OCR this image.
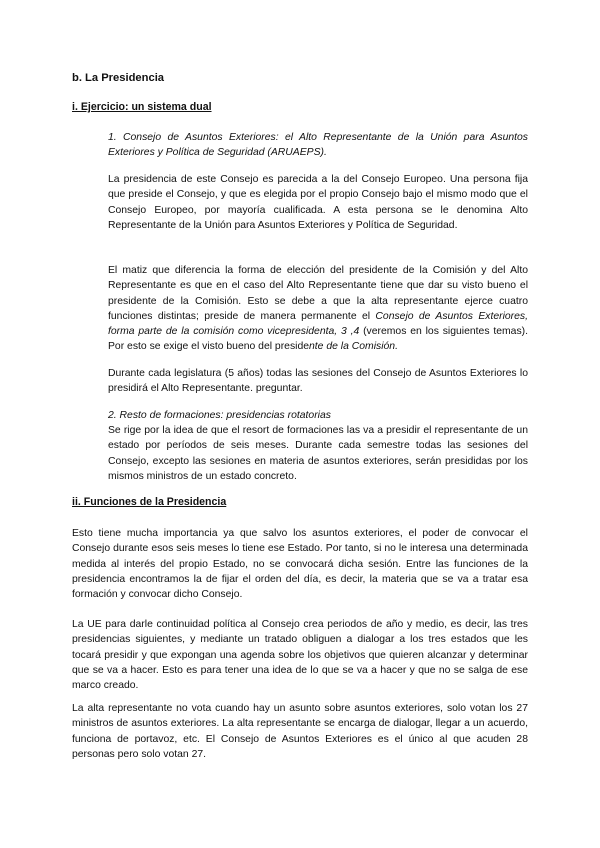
b. La Presidencia
i. Ejercicio: un sistema dual

1. Consejo de Asuntos Exteriores: el Alto Representante de la Unión para Asuntos Exteriores y Política de Seguridad (ARUAEPS).

La presidencia de este Consejo es parecida a la del Consejo Europeo. Una persona fija que preside el Consejo, y que es elegida por el propio Consejo bajo el mismo modo que el Consejo Europeo, por mayoría cualificada. A esta persona se le denomina Alto Representante de la Unión para Asuntos Exteriores y Política de Seguridad.

El matiz que diferencia la forma de elección del presidente de la Comisión y del Alto Representante es que en el caso del Alto Representante tiene que dar su visto bueno el presidente de la Comisión. Esto se debe a que la alta representante ejerce cuatro funciones distintas; preside de manera permanente el Consejo de Asuntos Exteriores, forma parte de la comisión como vicepresidenta, 3 ,4 (veremos en los siguientes temas). Por esto se exige el visto bueno del presidente de la Comisión.

Durante cada legislatura (5 años) todas las sesiones del Consejo de Asuntos Exteriores lo presidirá el Alto Representante. preguntar.

2. Resto de formaciones: presidencias rotatorias

Se rige por la idea de que el resort de formaciones las va a presidir el representante de un estado por períodos de seis meses. Durante cada semestre todas las sesiones del Consejo, excepto las sesiones en materia de asuntos exteriores, serán presididas por los mismos ministros de un estado concreto.

ii. Funciones de la Presidencia

Esto tiene mucha importancia ya que salvo los asuntos exteriores, el poder de convocar el Consejo durante esos seis meses lo tiene ese Estado. Por tanto, si no le interesa una determinada medida al interés del propio Estado, no se convocará dicha sesión. Entre las funciones de la presidencia encontramos la de fijar el orden del día, es decir, la materia que se va a tratar esa formación y convocar dicho Consejo.

La UE para darle continuidad política al Consejo crea periodos de año y medio, es decir, las tres presidencias siguientes, y mediante un tratado obliguen a dialogar a los tres estados que les tocará presidir y que expongan una agenda sobre los objetivos que quieren alcanzar y determinar que se va a hacer. Esto es para tener una idea de lo que se va a hacer y que no se salga de ese marco creado.

La alta representante no vota cuando hay un asunto sobre asuntos exteriores, solo votan los 27 ministros de asuntos exteriores. La alta representante se encarga de dialogar, llegar a un acuerdo, funciona de portavoz, etc. El Consejo de Asuntos Exteriores es el único al que acuden 28 personas pero solo votan 27.
